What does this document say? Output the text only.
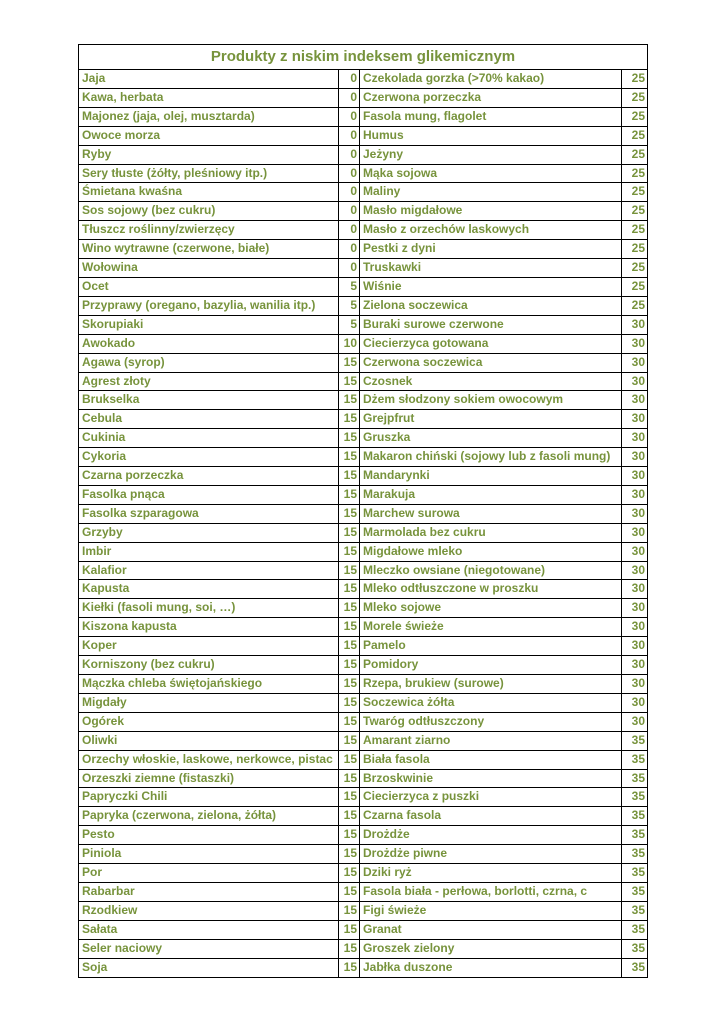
Produkty z niskim indeksem glikemicznym			
Jaja	0	Czekolada gorzka (>70% kakao)	25
Kawa, herbata	0	Czerwona porzeczka	25
Majonez (jaja, olej, musztarda)	0	Fasola mung, flagolet	25
Owoce morza	0	Humus	25
Ryby	0	Jeżyny	25
Sery tłuste (żółty, pleśniowy itp.)	0	Mąka sojowa	25
Śmietana kwaśna	0	Maliny	25
Sos sojowy (bez cukru)	0	Masło migdałowe	25
Tłuszcz roślinny/zwierzęcy	0	Masło z orzechów laskowych	25
Wino wytrawne (czerwone, białe)	0	Pestki z dyni	25
Wołowina	0	Truskawki	25
Ocet	5	Wiśnie	25
Przyprawy (oregano, bazylia, wanilia itp.)	5	Zielona soczewica	25
Skorupiaki	5	Buraki surowe czerwone	30
Awokado	10	Ciecierzyca gotowana	30
Agawa (syrop)	15	Czerwona soczewica	30
Agrest złoty	15	Czosnek	30
Brukselka	15	Dżem słodzony sokiem owocowym	30
Cebula	15	Grejpfrut	30
Cukinia	15	Gruszka	30
Cykoria	15	Makaron chiński (sojowy lub z fasoli mung)	30
Czarna porzeczka	15	Mandarynki	30
Fasolka pnąca	15	Marakuja	30
Fasolka szparagowa	15	Marchew surowa	30
Grzyby	15	Marmolada bez cukru	30
Imbir	15	Migdałowe mleko	30
Kalafior	15	Mleczko owsiane (niegotowane)	30
Kapusta	15	Mleko odtłuszczone w proszku	30
Kiełki (fasoli mung, soi, …)	15	Mleko sojowe	30
Kiszona kapusta	15	Morele świeże	30
Koper	15	Pamelo	30
Korniszony (bez cukru)	15	Pomidory	30
Mączka chleba świętojańskiego	15	Rzepa, brukiew (surowe)	30
Migdały	15	Soczewica żółta	30
Ogórek	15	Twaróg odtłuszczony	30
Oliwki	15	Amarant ziarno	35
Orzechy włoskie, laskowe, nerkowce, pistac	15	Biała fasola	35
Orzeszki ziemne (fistaszki)	15	Brzoskwinie	35
Papryczki Chili	15	Ciecierzyca z puszki	35
Papryka (czerwona, zielona, żółta)	15	Czarna fasola	35
Pesto	15	Drożdże	35
Piniola	15	Drożdże piwne	35
Por	15	Dziki ryż	35
Rabarbar	15	Fasola biała - perłowa, borlotti, czrna, c	35
Rzodkiew	15	Figi świeże	35
Sałata	15	Granat	35
Seler naciowy	15	Groszek zielony	35
Soja	15	Jabłka duszone	35
